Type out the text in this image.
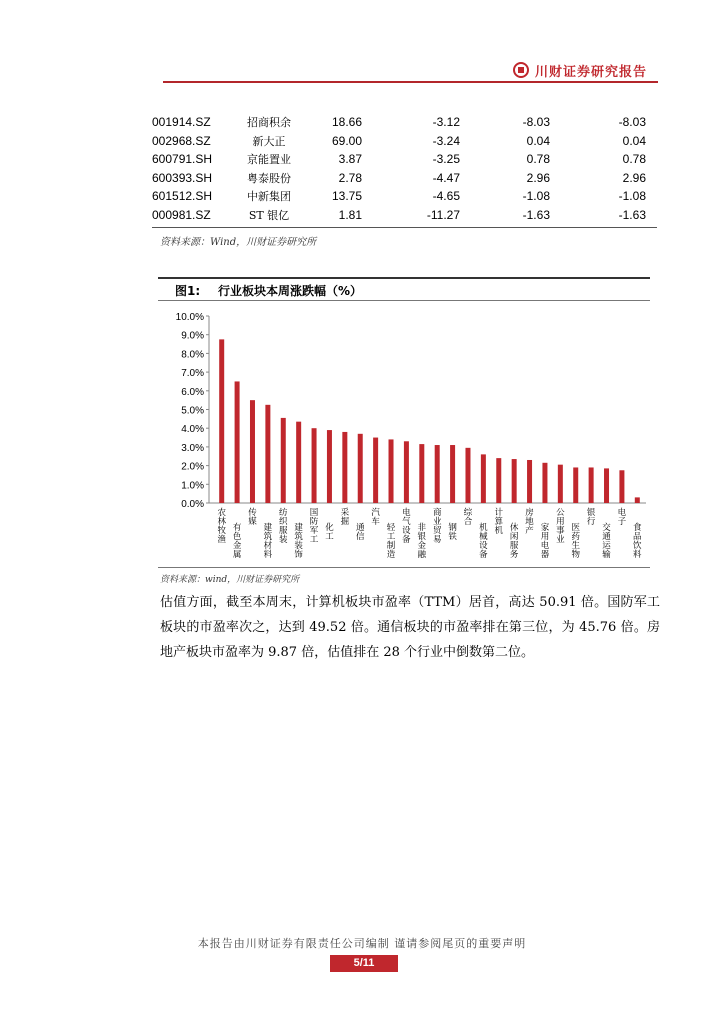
川财证券研究报告
001914.SZ	招商积余	18.66	-3.12	-8.03	-8.03
002968.SZ	新大正	69.00	-3.24	0.04	0.04
600791.SH	京能置业	3.87	-3.25	0.78	0.78
600393.SH	粤泰股份	2.78	-4.47	2.96	2.96
601512.SH	中新集团	13.75	-4.65	-1.08	-1.08
000981.SZ	ST 银亿	1.81	-11.27	-1.63	-1.63
资料来源：Wind，川财证券研究所
图1: 行业板块本周涨跌幅（%）
0.0%
1.0%
2.0%
3.0%
4.0%
5.0%
6.0%
7.0%
8.0%
9.0%
10.0%
农林牧渔
有色金属
传媒
建筑材料
纺织服装
建筑装饰
国防军工
化工
采掘
通信
汽车
轻工制造
电气设备
非银金融
商业贸易
钢铁
综合
机械设备
计算机 休闲服务
房地产 家用电器
公用事业
医药生物
银行
交通运输
电子
食品饮料
资料来源：wind，川财证券研究所
估值方面，截至本周末，计算机板块市盈率（TTM）居首，高达 50.91 倍。国防军工板块的市盈率次之，达到 49.52 倍。通信板块的市盈率排在第三位，为 45.76 倍。房地产板块市盈率为 9.87 倍，估值排在 28 个行业中倒数第二位。
本报告由川财证券有限责任公司编制 谨请参阅尾页的重要声明
5/11
